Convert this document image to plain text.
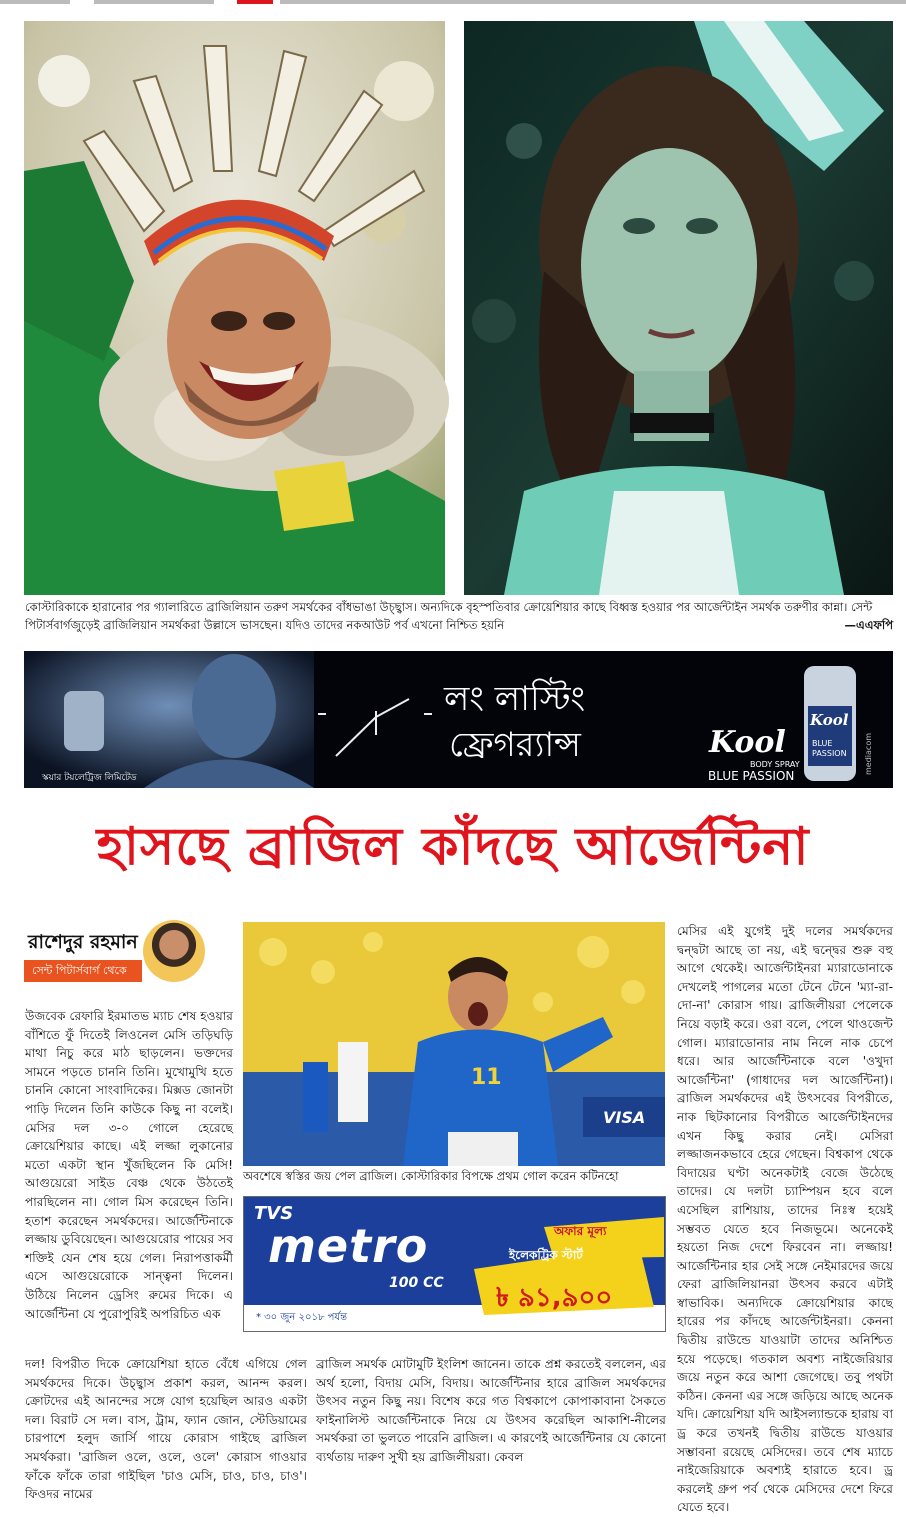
কোস্টারিকাকে হারানোর পর গ্যালারিতে ব্রাজিলিয়ান তরুণ সমর্থকের বাঁধভাঙা উচ্ছ্বাস। অন্যদিকে বৃহস্পতিবার ক্রোয়েশিয়ার কাছে বিধ্বস্ত হওয়ার পর আর্জেন্টাইন সমর্থক তরুণীর কান্না। সেন্ট পিটার্সবার্গজুড়েই ব্রাজিলিয়ান সমর্থকরা উল্লাসে ভাসছেন। যদিও তাদের নকআউট পর্ব এখনো নিশ্চিত হয়নি	—এএফপি
লং লাস্টিং
ফ্রেগর‍্যান্স	Kool
BODY SPRAY
BLUE PASSION
Kool
BLUE PASSION
স্কয়ার টয়লেট্রিজ লিমিটেড
mediacom
হাসছে ব্রাজিল কাঁদছে আর্জেন্টিনা
রাশেদুর রহমান
সেন্ট পিটার্সবার্গ থেকে

উজবেক রেফারি ইরমাতভ ম্যাচ শেষ হওয়ার বাঁশিতে ফুঁ দিতেই লিওনেল মেসি তড়িঘড়ি মাথা নিচু করে মাঠ ছাড়লেন। ভক্তদের সামনে পড়তে চাননি তিনি। মুখোমুখি হতে চাননি কোনো সাংবাদিকের। মিক্সড জোনটা পাড়ি দিলেন তিনি কাউকে কিছু না বলেই। মেসির দল ৩-০ গোলে হেরেছে ক্রোয়েশিয়ার কাছে। এই লজ্জা লুকানোর মতো একটা স্থান খুঁজছিলেন কি মেসি! আগুয়েরো সাইড বেঞ্চ থেকে উঠতেই পারছিলেন না। গোল মিস করেছেন তিনি। হতাশ করেছেন সমর্থকদের। আর্জেন্টিনাকে লজ্জায় ডুবিয়েছেন। আগুয়েরোর পায়ের সব শক্তিই যেন শেষ হয়ে গেল। নিরাপত্তাকর্মী এসে আগুয়েরোকে সান্ত্বনা দিলেন। উঠিয়ে নিলেন ড্রেসিং রুমের দিকে। এ আর্জেন্টিনা যে পুরোপুরিই অপরিচিত এক

দল! বিপরীত দিকে ক্রোয়েশিয়া হাতে বেঁধে এগিয়ে গেল সমর্থকদের দিকে। উচ্ছ্বাস প্রকাশ করল, আনন্দ করল। ক্রোটদের এই আনন্দের সঙ্গে যোগ হয়েছিল আরও একটা দল। বিরাট সে দল। বাস, ট্রাম, ফ্যান জোন, স্টেডিয়ামের চারপাশে হলুদ জার্সি গায়ে কোরাস গাইছে ব্রাজিল সমর্থকরা। 'ব্রাজিল ওলে, ওলে, ওলে' কোরাস গাওয়ার ফাঁকে ফাঁকে তারা গাইছিল 'চাও মেসি, চাও, চাও, চাও'। ফিওদর নামের

11
VISA
অবশেষে স্বস্তির জয় পেল ব্রাজিল। কোস্টারিকার বিপক্ষে প্রথম গোল করেন কটিনহো
TVS
metro
100 CC
অফার মূল্য
ইলেকট্রিক স্টার্ট
৳ ৯১,৯০০
* ৩০ জুন ২০১৮ পর্যন্ত

ব্রাজিল সমর্থক মোটামুটি ইংলিশ জানেন। তাকে প্রশ্ন করতেই বললেন, এর অর্থ হলো, বিদায় মেসি, বিদায়। আর্জেন্টিনার হারে ব্রাজিল সমর্থকদের উৎসব নতুন কিছু নয়। বিশেষ করে গত বিশ্বকাপে কোপাকাবানা সৈকতে ফাইনালিস্ট আর্জেন্টিনাকে নিয়ে যে উৎসব করেছিল আকাশি-নীলের সমর্থকরা তা ভুলতে পারেনি ব্রাজিল। এ কারণেই আর্জেন্টিনার যে কোনো ব্যর্থতায় দারুণ সুখী হয় ব্রাজিলীয়রা। কেবল

মেসির এই যুগেই দুই দলের সমর্থকদের দ্বন্দ্বটা আছে তা নয়, এই দ্বন্দ্বের শুরু বহু আগে থেকেই। আর্জেন্টাইনরা ম্যারাডোনাকে দেখলেই পাগলের মতো টেনে টেনে 'ম্যা-রা-দো-না' কোরাস গায়। ব্রাজিলীয়রা পেলেকে নিয়ে বড়াই করে। ওরা বলে, পেলে থাওজেন্ট গোল। ম্যারাডোনার নাম নিলে নাক চেপে ধরে। আর আর্জেন্টিনাকে বলে 'ওখুদা আর্জেন্টিনা' (গাধাদের দল আর্জেন্টিনা)। ব্রাজিল সমর্থকদের এই উৎসবের বিপরীতে, নাক ছিটকানোর বিপরীতে আর্জেন্টাইনদের এখন কিছু করার নেই। মেসিরা লজ্জাজনকভাবে হেরে গেছেন। বিশ্বকাপ থেকে বিদায়ের ঘণ্টা অনেকটাই বেজে উঠেছে তাদের। যে দলটা চ্যাম্পিয়ন হবে বলে এসেছিল রাশিয়ায়, তাদের নিঃস্ব হয়েই সম্ভবত যেতে হবে নিজভূমে। অনেকেই হয়তো নিজ দেশে ফিরবেন না। লজ্জায়! আর্জেন্টিনার হার সেই সঙ্গে নেইমারদের জয়ে ফেরা ব্রাজিলিয়ানরা উৎসব করবে এটাই স্বাভাবিক। অন্যদিকে ক্রোয়েশিয়ার কাছে হারের পর কাঁদছে আর্জেন্টাইনরা। কেননা দ্বিতীয় রাউন্ডে যাওয়াটা তাদের অনিশ্চিত হয়ে পড়েছে। গতকাল অবশ্য নাইজেরিয়ার জয়ে নতুন করে আশা জেগেছে। তবু পথটা কঠিন। কেননা এর সঙ্গে জড়িয়ে আছে অনেক যদি। ক্রোয়েশিয়া যদি আইসল্যান্ডকে হারায় বা ড্র করে তখনই দ্বিতীয় রাউন্ডে যাওয়ার সম্ভাবনা রয়েছে মেসিদের। তবে শেষ ম্যাচে নাইজেরিয়াকে অবশ্যই হারাতে হবে। ড্র করলেই গ্রুপ পর্ব থেকে মেসিদের দেশে ফিরে যেতে হবে।
